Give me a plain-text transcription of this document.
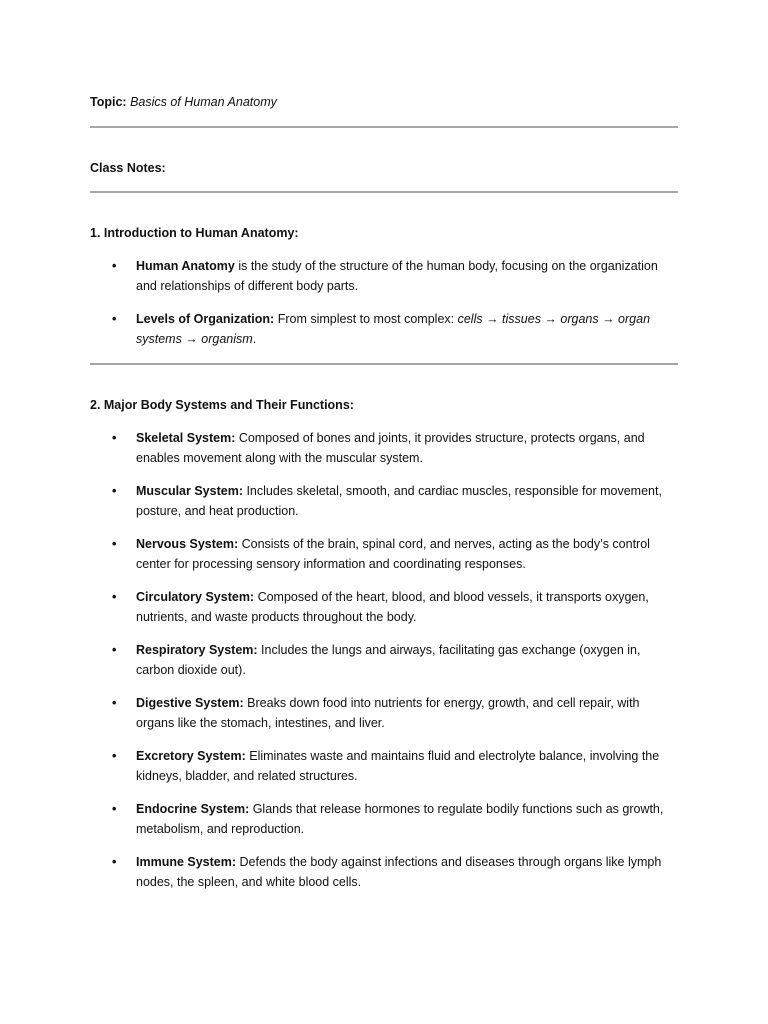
Topic: Basics of Human Anatomy
Class Notes:
1. Introduction to Human Anatomy:
• Human Anatomy is the study of the structure of the human body, focusing on the organization and relationships of different body parts.
• Levels of Organization: From simplest to most complex: cells → tissues → organs → organ systems → organism.
2. Major Body Systems and Their Functions:
• Skeletal System: Composed of bones and joints, it provides structure, protects organs, and enables movement along with the muscular system.
• Muscular System: Includes skeletal, smooth, and cardiac muscles, responsible for movement, posture, and heat production.
• Nervous System: Consists of the brain, spinal cord, and nerves, acting as the body’s control center for processing sensory information and coordinating responses.
• Circulatory System: Composed of the heart, blood, and blood vessels, it transports oxygen, nutrients, and waste products throughout the body.
• Respiratory System: Includes the lungs and airways, facilitating gas exchange (oxygen in, carbon dioxide out).
• Digestive System: Breaks down food into nutrients for energy, growth, and cell repair, with organs like the stomach, intestines, and liver.
• Excretory System: Eliminates waste and maintains fluid and electrolyte balance, involving the kidneys, bladder, and related structures.
• Endocrine System: Glands that release hormones to regulate bodily functions such as growth, metabolism, and reproduction.
• Immune System: Defends the body against infections and diseases through organs like lymph nodes, the spleen, and white blood cells.
